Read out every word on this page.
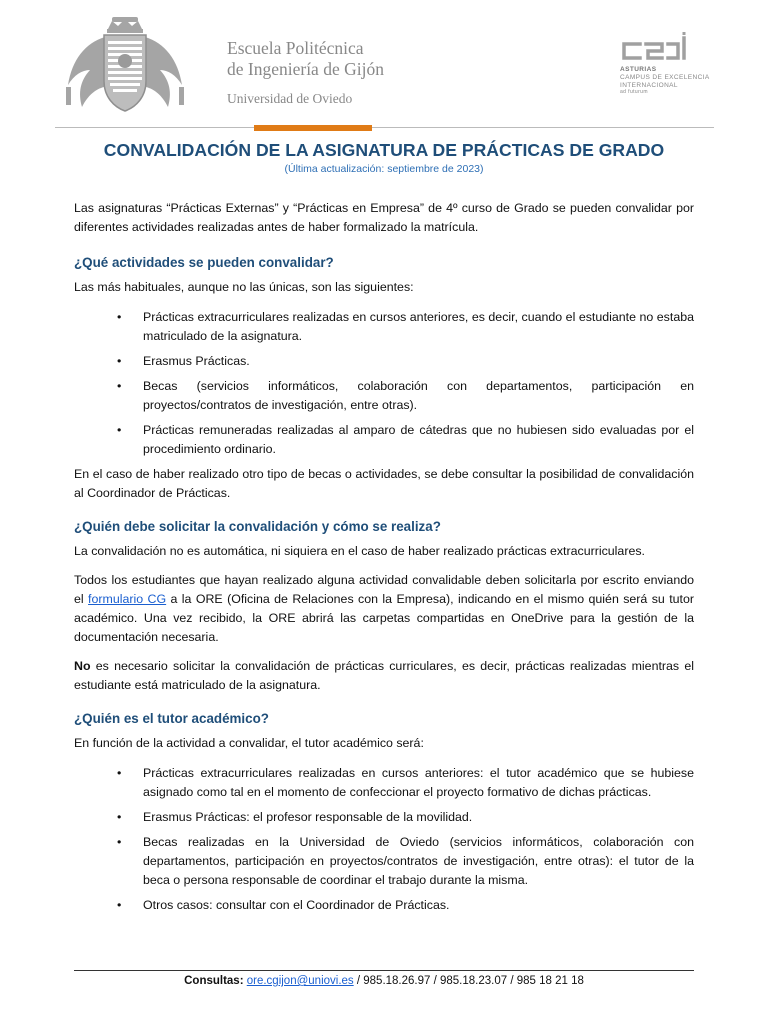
Escuela Politécnica
de Ingeniería de Gijón
Universidad de Oviedo
ASTURIAS
CAMPUS DE EXCELENCIA
INTERNACIONAL
ad futurum
CONVALIDACIÓN DE LA ASIGNATURA DE PRÁCTICAS DE GRADO
(Última actualización: septiembre de 2023)

Las asignaturas “Prácticas Externas” y “Prácticas en Empresa” de 4º curso de Grado se pueden convalidar por diferentes actividades realizadas antes de haber formalizado la matrícula.

¿Qué actividades se pueden convalidar?

Las más habituales, aunque no las únicas, son las siguientes:

• Prácticas extracurriculares realizadas en cursos anteriores, es decir, cuando el estudiante no estaba matriculado de la asignatura.
• Erasmus Prácticas.
• Becas (servicios informáticos, colaboración con departamentos, participación en proyectos/contratos de investigación, entre otras).
• Prácticas remuneradas realizadas al amparo de cátedras que no hubiesen sido evaluadas por el procedimiento ordinario.

En el caso de haber realizado otro tipo de becas o actividades, se debe consultar la posibilidad de convalidación al Coordinador de Prácticas.

¿Quién debe solicitar la convalidación y cómo se realiza?

La convalidación no es automática, ni siquiera en el caso de haber realizado prácticas extracurriculares.

Todos los estudiantes que hayan realizado alguna actividad convalidable deben solicitarla por escrito enviando el formulario CG a la ORE (Oficina de Relaciones con la Empresa), indicando en el mismo quién será su tutor académico. Una vez recibido, la ORE abrirá las carpetas compartidas en OneDrive para la gestión de la documentación necesaria.

No es necesario solicitar la convalidación de prácticas curriculares, es decir, prácticas realizadas mientras el estudiante está matriculado de la asignatura.

¿Quién es el tutor académico?

En función de la actividad a convalidar, el tutor académico será:

• Prácticas extracurriculares realizadas en cursos anteriores: el tutor académico que se hubiese asignado como tal en el momento de confeccionar el proyecto formativo de dichas prácticas.
• Erasmus Prácticas: el profesor responsable de la movilidad.
• Becas realizadas en la Universidad de Oviedo (servicios informáticos, colaboración con departamentos, participación en proyectos/contratos de investigación, entre otras): el tutor de la beca o persona responsable de coordinar el trabajo durante la misma.
• Otros casos: consultar con el Coordinador de Prácticas.
Consultas: ore.cgijon@uniovi.es / 985.18.26.97 / 985.18.23.07 / 985 18 21 18
